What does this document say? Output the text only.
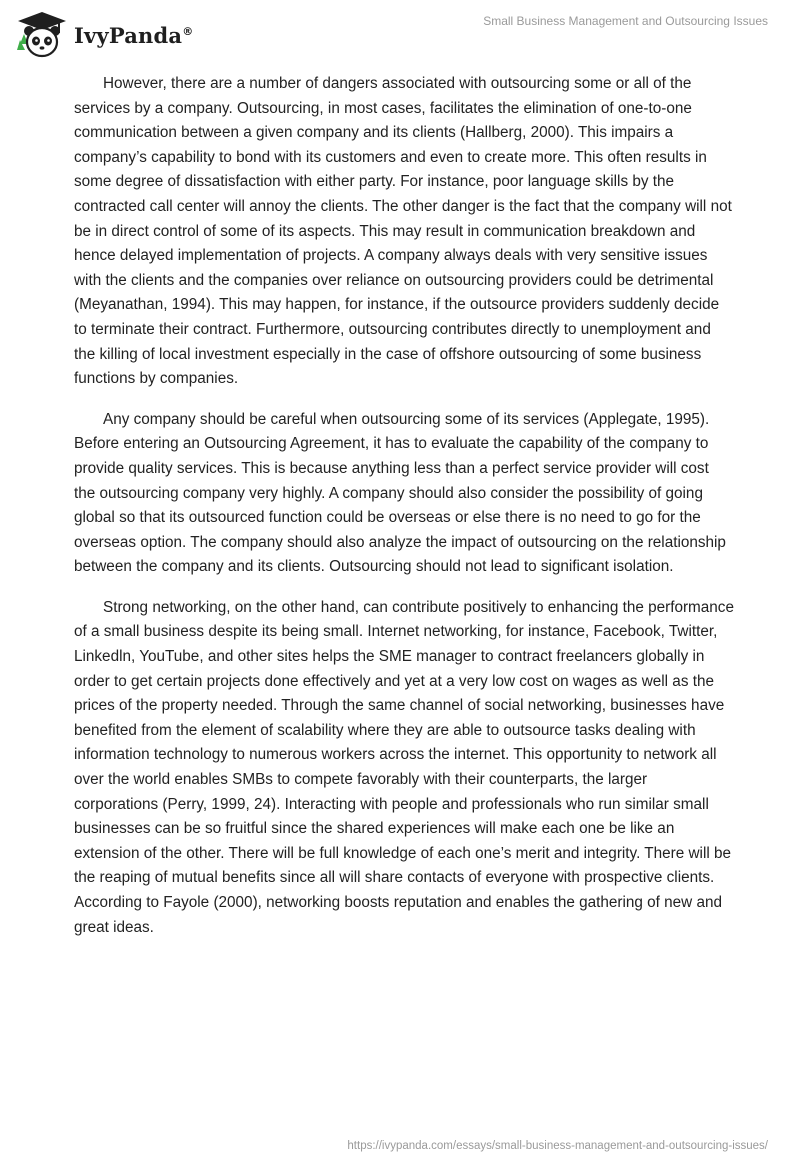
IvyPanda®
Small Business Management and Outsourcing Issues

However, there are a number of dangers associated with outsourcing some or all of the services by a company. Outsourcing, in most cases, facilitates the elimination of one-to-one communication between a given company and its clients (Hallberg, 2000). This impairs a company’s capability to bond with its customers and even to create more. This often results in some degree of dissatisfaction with either party. For instance, poor language skills by the contracted call center will annoy the clients. The other danger is the fact that the company will not be in direct control of some of its aspects. This may result in communication breakdown and hence delayed implementation of projects. A company always deals with very sensitive issues with the clients and the companies over reliance on outsourcing providers could be detrimental (Meyanathan, 1994). This may happen, for instance, if the outsource providers suddenly decide to terminate their contract. Furthermore, outsourcing contributes directly to unemployment and the killing of local investment especially in the case of offshore outsourcing of some business functions by companies.

Any company should be careful when outsourcing some of its services (Applegate, 1995). Before entering an Outsourcing Agreement, it has to evaluate the capability of the company to provide quality services. This is because anything less than a perfect service provider will cost the outsourcing company very highly. A company should also consider the possibility of going global so that its outsourced function could be overseas or else there is no need to go for the overseas option. The company should also analyze the impact of outsourcing on the relationship between the company and its clients. Outsourcing should not lead to significant isolation.

Strong networking, on the other hand, can contribute positively to enhancing the performance of a small business despite its being small. Internet networking, for instance, Facebook, Twitter, Linkedln, YouTube, and other sites helps the SME manager to contract freelancers globally in order to get certain projects done effectively and yet at a very low cost on wages as well as the prices of the property needed. Through the same channel of social networking, businesses have benefited from the element of scalability where they are able to outsource tasks dealing with information technology to numerous workers across the internet. This opportunity to network all over the world enables SMBs to compete favorably with their counterparts, the larger corporations (Perry, 1999, 24). Interacting with people and professionals who run similar small businesses can be so fruitful since the shared experiences will make each one be like an extension of the other. There will be full knowledge of each one’s merit and integrity. There will be the reaping of mutual benefits since all will share contacts of everyone with prospective clients. According to Fayole (2000), networking boosts reputation and enables the gathering of new and great ideas.

https://ivypanda.com/essays/small-business-management-and-outsourcing-issues/
